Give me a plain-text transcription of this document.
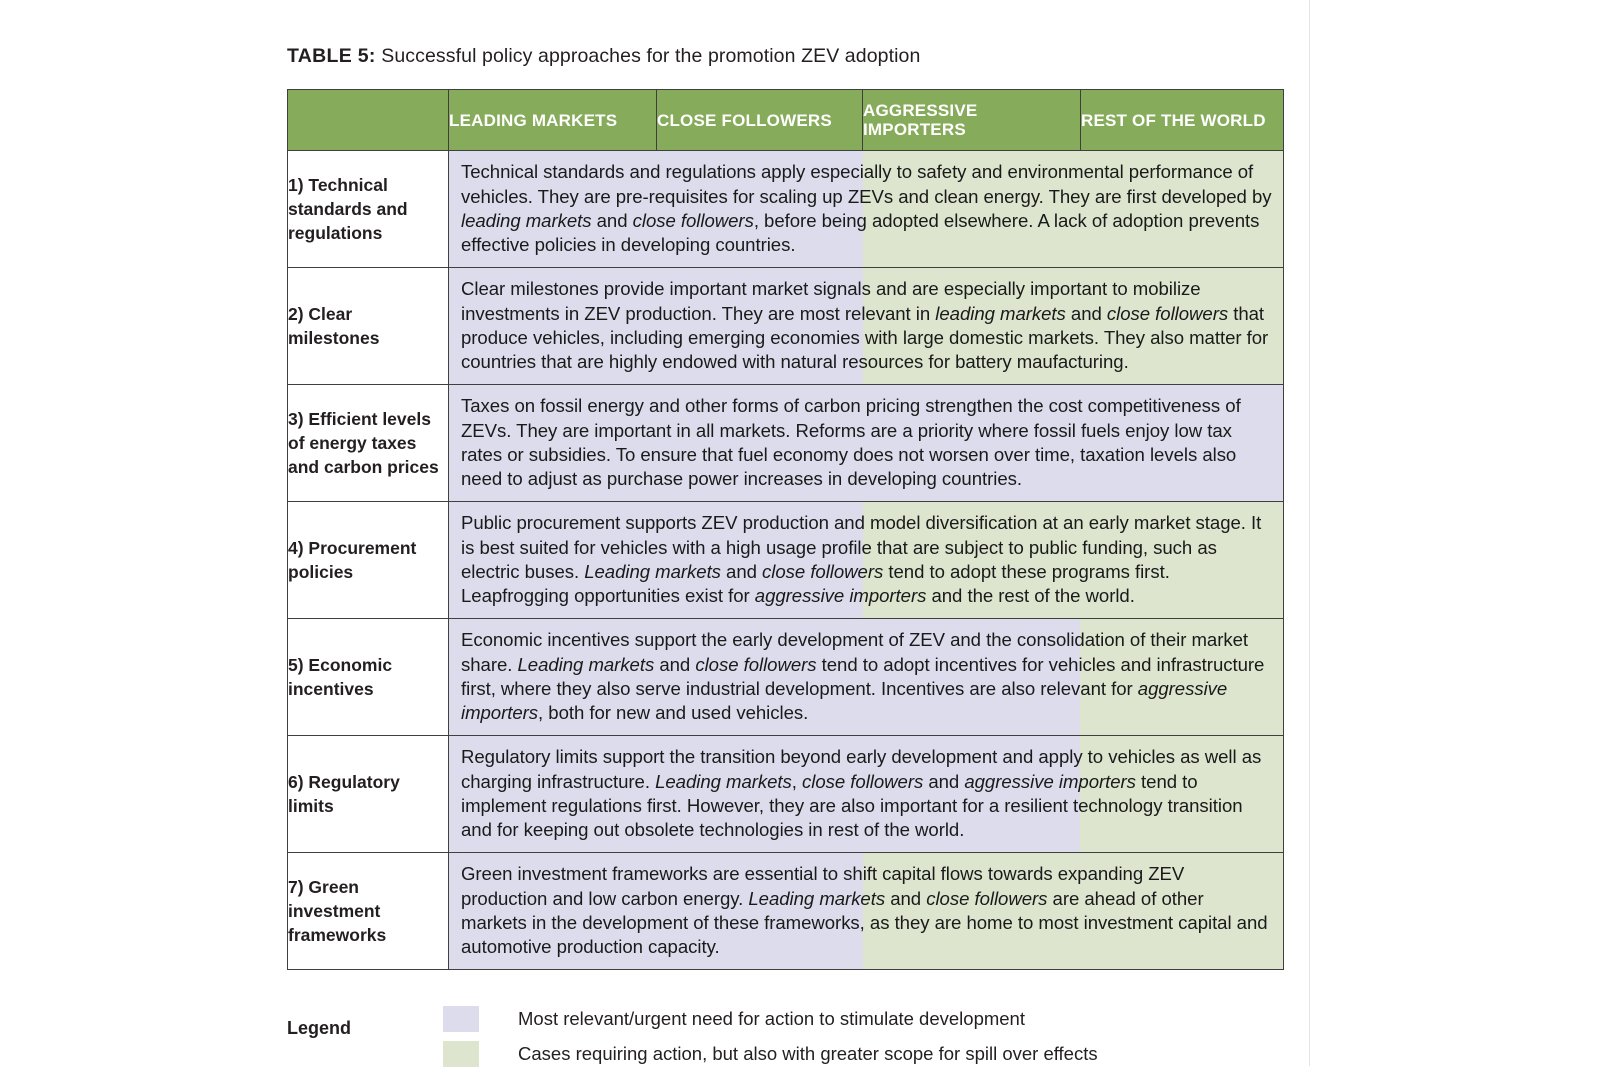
TABLE 5: Successful policy approaches for the promotion ZEV adoption
	LEADING MARKETS	CLOSE FOLLOWERS	AGGRESSIVE IMPORTERS	REST OF THE WORLD
1) Technical standards and regulations	Technical standards and regulations apply especially to safety and environmental performance of vehicles. They are pre-requisites for scaling up ZEVs and clean energy. They are first developed by leading markets and close followers, before being adopted elsewhere. A lack of adoption prevents effective policies in developing countries.			

2) Clear milestones	Clear milestones provide important market signals and are especially important to mobilize investments in ZEV production. They are most relevant in leading markets and close followers that produce vehicles, including emerging economies with large domestic markets. They also matter for countries that are highly endowed with natural resources for battery maufacturing.			

3) Efficient levels of energy taxes and carbon prices	Taxes on fossil energy and other forms of carbon pricing strengthen the cost competitiveness of ZEVs. They are important in all markets. Reforms are a priority where fossil fuels enjoy low tax rates or subsidies. To ensure that fuel economy does not worsen over time, taxation levels also need to adjust as purchase power increases in developing countries.			

4) Procurement policies	Public procurement supports ZEV production and model diversification at an early market stage. It is best suited for vehicles with a high usage profile that are subject to public funding, such as electric buses. Leading markets and close followers tend to adopt these programs first. Leapfrogging opportunities exist for aggressive importers and the rest of the world.			

5) Economic incentives	Economic incentives support the early development of ZEV and the consolidation of their market share. Leading markets and close followers tend to adopt incentives for vehicles and infrastructure first, where they also serve industrial development. Incentives are also relevant for aggressive importers, both for new and used vehicles.			

6) Regulatory limits	Regulatory limits support the transition beyond early development and apply to vehicles as well as charging infrastructure. Leading markets, close followers and aggressive importers tend to implement regulations first. However, they are also important for a resilient technology transition and for keeping out obsolete technologies in rest of the world.			

7) Green investment frameworks	Green investment frameworks are essential to shift capital flows towards expanding ZEV production and low carbon energy. Leading markets and close followers are ahead of other markets in the development of these frameworks, as they are home to most investment capital and automotive production capacity.			
Legend	Most relevant/urgent need for action to stimulate development
Cases requiring action, but also with greater scope for spill over effects
